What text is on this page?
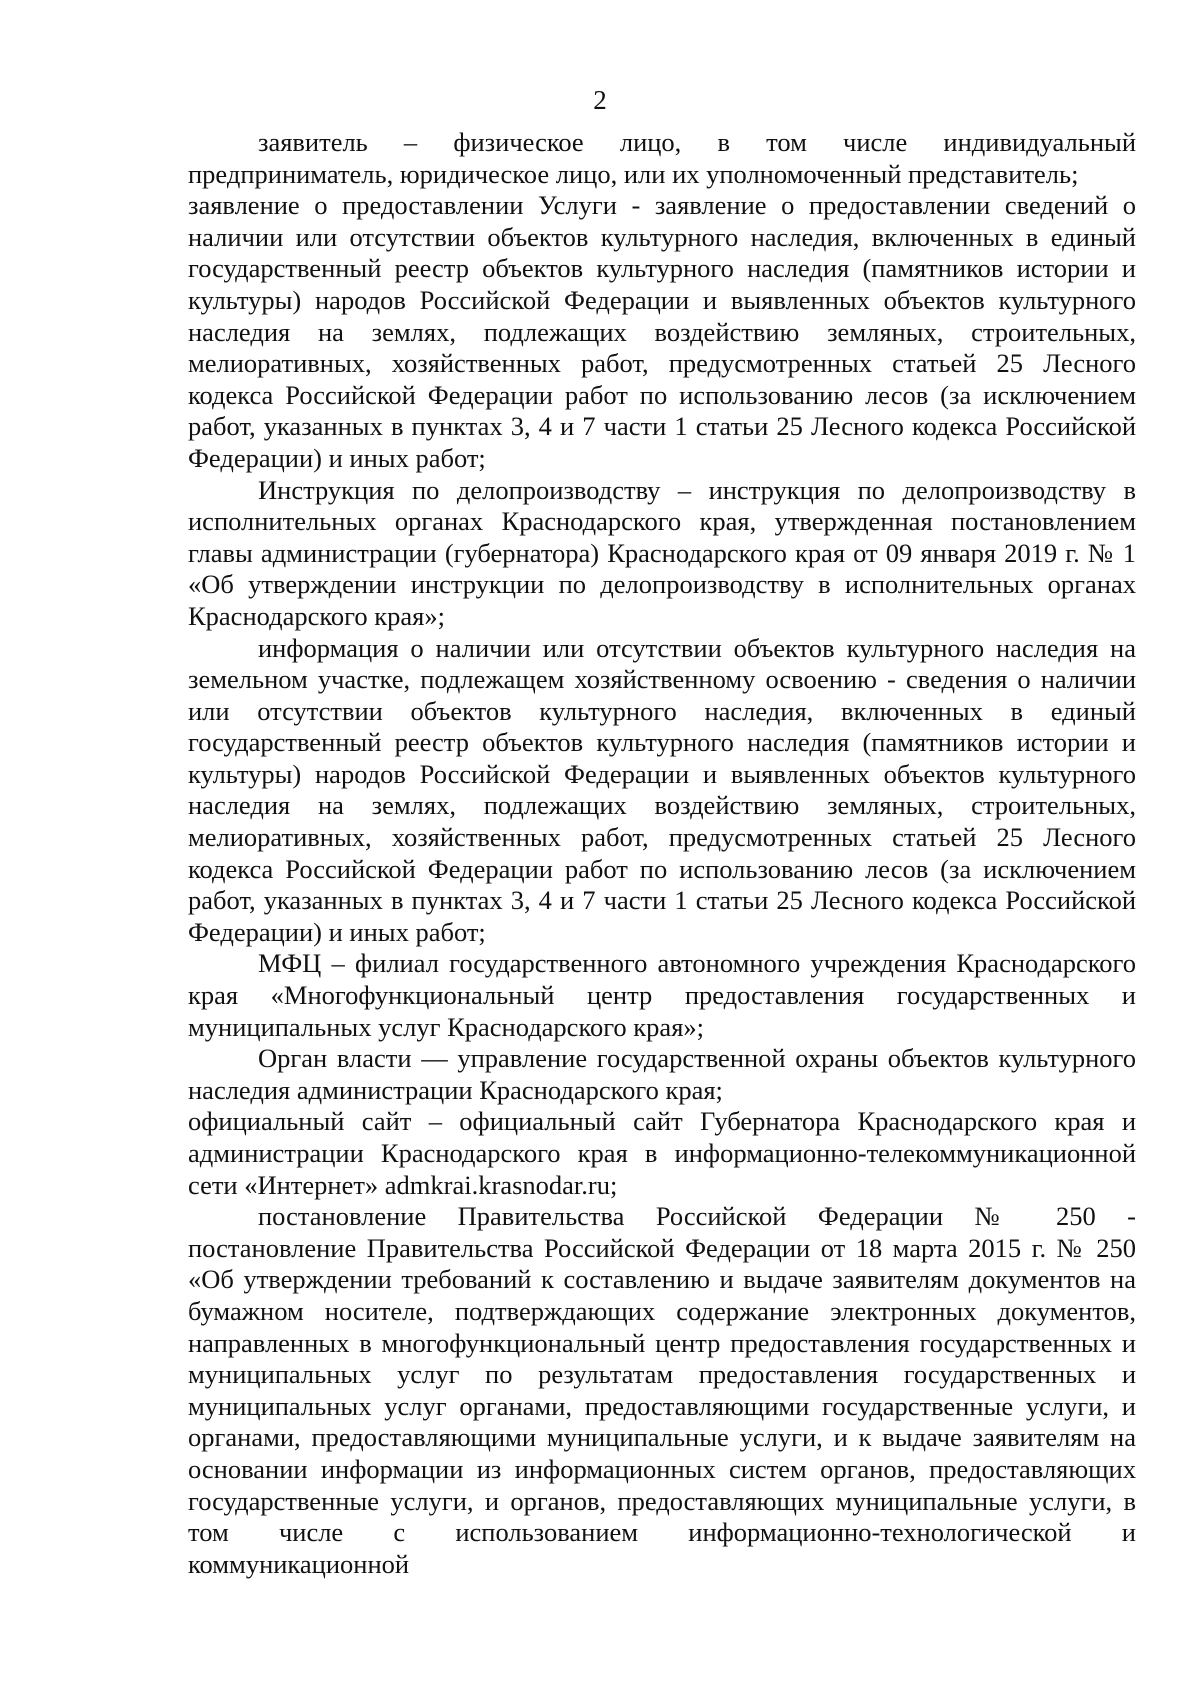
2

заявитель – физическое лицо, в том числе индивидуальный предприниматель, юридическое лицо, или их уполномоченный представитель;

заявление о предоставлении Услуги - заявление о предоставлении сведений о наличии или отсутствии объектов культурного наследия, включенных в единый государственный реестр объектов культурного наследия (памятников истории и культуры) народов Российской Федерации и выявленных объектов культурного наследия на землях, подлежащих воздействию земляных, строительных, мелиоративных, хозяйственных работ, предусмотренных статьей 25 Лесного кодекса Российской Федерации работ по использованию лесов (за исключением работ, указанных в пунктах 3, 4 и 7 части 1 статьи 25 Лесного кодекса Российской Федерации) и иных работ;

Инструкция по делопроизводству – инструкция по делопроизводству в исполнительных органах Краснодарского края, утвержденная постановлением главы администрации (губернатора) Краснодарского края от 09 января 2019 г. № 1 «Об утверждении инструкции по делопроизводству в исполнительных органах Краснодарского края»;

информация о наличии или отсутствии объектов культурного наследия на земельном участке, подлежащем хозяйственному освоению - сведения о наличии или отсутствии объектов культурного наследия, включенных в единый государственный реестр объектов культурного наследия (памятников истории и культуры) народов Российской Федерации и выявленных объектов культурного наследия на землях, подлежащих воздействию земляных, строительных, мелиоративных, хозяйственных работ, предусмотренных статьей 25 Лесного кодекса Российской Федерации работ по использованию лесов (за исключением работ, указанных в пунктах 3, 4 и 7 части 1 статьи 25 Лесного кодекса Российской Федерации) и иных работ;

МФЦ – филиал государственного автономного учреждения Краснодарского края «Многофункциональный центр предоставления государственных и муниципальных услуг Краснодарского края»;

Орган власти — управление государственной охраны объектов культурного наследия администрации Краснодарского края;

официальный сайт – официальный сайт Губернатора Краснодарского края и администрации Краснодарского края в информационно-телекоммуникационной сети «Интернет» admkrai.krasnodar.ru;

постановление Правительства Российской Федерации № 250 - постановление Правительства Российской Федерации от 18 марта 2015 г. № 250 «Об утверждении требований к составлению и выдаче заявителям документов на бумажном носителе, подтверждающих содержание электронных документов, направленных в многофункциональный центр предоставления государственных и муниципальных услуг по результатам предоставления государственных и муниципальных услуг органами, предоставляющими государственные услуги, и органами, предоставляющими муниципальные услуги, и к выдаче заявителям на основании информации из информационных систем органов, предоставляющих государственные услуги, и органов, предоставляющих муниципальные услуги, в том числе с использованием информационно-технологической и коммуникационной
